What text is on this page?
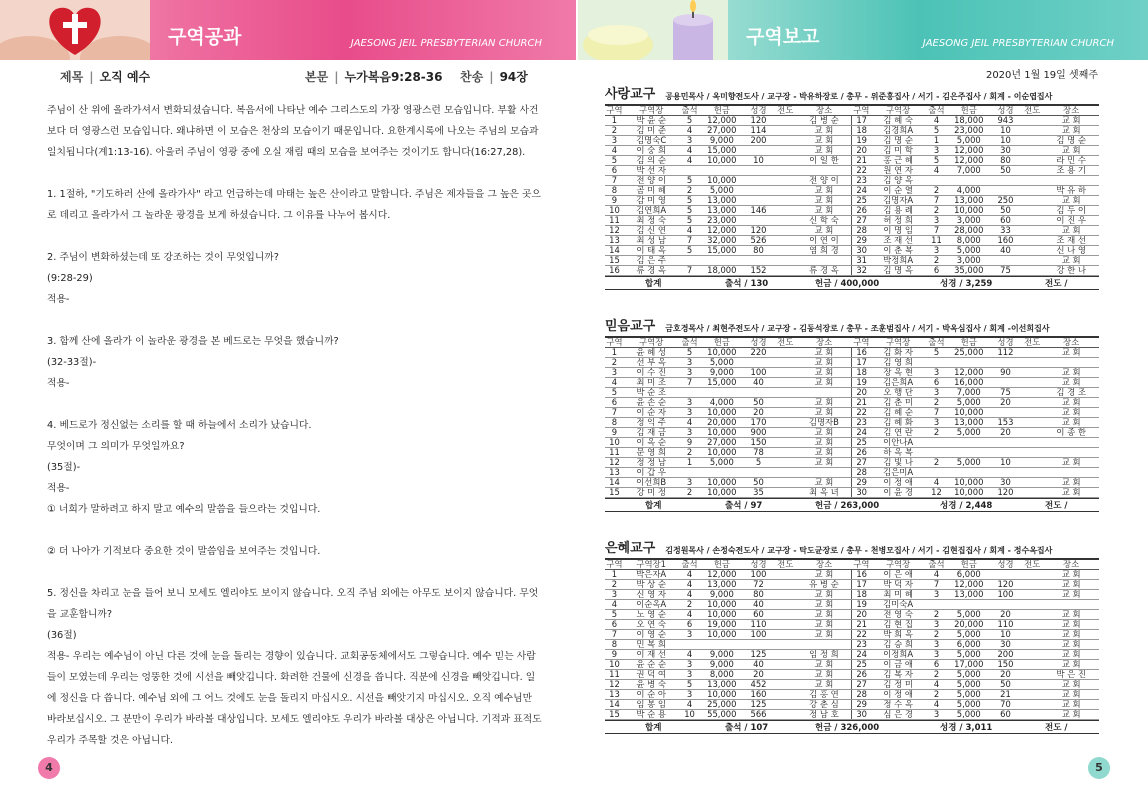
구역공과	JAESONG JEIL PRESBYTERIAN CHURCH
제목 | 오직 예수	본문 | 누가복음9:28-36 찬송 | 94장

주님이 산 위에 올라가셔서 변화되셨습니다. 복음서에 나타난 예수 그리스도의 가장 영광스런 모습입니다. 부활 사건보다 더 영광스런 모습입니다. 왜냐하면 이 모습은 천상의 모습이기 때문입니다. 요한계시록에 나오는 주님의 모습과 일치됩니다(계1:13-16). 아울러 주님이 영광 중에 오실 재림 때의 모습을 보여주는 것이기도 합니다(16:27,28).

1. 1절하, "기도하러 산에 올라가사" 라고 언급하는데 마태는 높은 산이라고 말합니다. 주님은 제자들을 그 높은 곳으로 데리고 올라가서 그 놀라운 광경을 보게 하셨습니다. 그 이유를 나누어 봅시다.

2. 주님이 변화하셨는데 또 강조하는 것이 무엇입니까?

(9:28-29)

적용-

3. 함께 산에 올라가 이 놀라운 광경을 본 베드로는 무엇을 했습니까?

(32-33절)-

적용-

4. 베드로가 정신없는 소리를 할 때 하늘에서 소리가 났습니다.

무엇이며 그 의미가 무엇일까요?

(35절)-

적용-

① 너희가 말하려고 하지 말고 예수의 말씀을 들으라는 것입니다.

② 더 나아가 기적보다 중요한 것이 말씀임을 보여주는 것입니다.

5. 정신을 차리고 눈을 들어 보니 모세도 엘리야도 보이지 않습니다. 오직 주님 외에는 아무도 보이지 않습니다. 무엇을 교훈합니까?

(36절)

적용- 우리는 예수님이 아닌 다른 것에 눈을 돌리는 경향이 있습니다. 교회공동체에서도 그렇습니다. 예수 믿는 사람들이 모였는데 우리는 엉뚱한 것에 시선을 빼앗깁니다. 화려한 건물에 신경을 씁니다. 직분에 신경을 빼앗깁니다. 일에 정신을 다 씁니다. 예수님 외에 그 어느 것에도 눈을 돌리지 마십시오. 시선을 빼앗기지 마십시오. 오직 예수님만 바라보십시오. 그 분만이 우리가 바라볼 대상입니다. 모세도 엘리야도 우리가 바라볼 대상은 아닙니다. 기적과 표적도 우리가 주목할 것은 아닙니다.

4
구역보고	JAESONG JEIL PRESBYTERIAN CHURCH
2020년 1월 19일 셋째주
사랑교구 공용민목사 / 옥미향전도사 / 교구장 - 박유하장로 / 총무 - 위준홍집사 / 서기 - 김은주집사 / 회계 - 이순엽집사
구역	구역장	출석	헌금	성경	전도	장소	구역	구역장	출석	헌금	성경	전도	장소
1	박 윤 순	5	12,000	120		김 병 순	17	김 혜 숙	4	18,000	943		교 회
2	김 미 준	4	27,000	114		교 회	18	김경희A	5	23,000	10		교 회
3	김명숙C	3	9,000	200		교 회	19	김 명 순	1	5,000	10		김 명 순
4	이 숭 희	4	15,000			교 회	20	김 미 학	3	12,000	30		교 회
5	김 의 순	4	10,000	10		이 일 한	21	홍 근 혜	5	12,000	80		라 민 수
6	박 선 자						22	원 연 자	4	7,000	50		조 용 기
7	전 양 이	5	10,000			전 양 이	23	김 양 옥					
8	곰 미 혜	2	5,000			교 회	24	이 순 열	2	4,000			박 유 하
9	감 미 영	5	13,000			교 회	25	김명자A	7	13,000	250		교 회
10	김연희A	5	13,000	146		교 회	26	김 용 례	2	10,000	50		김 두 이
11	최 정 숙	5	23,000			신 학 숙	27	허 정 희	3	3,000	60		이 진 우
12	김 신 연	4	12,000	120		교 회	28	이 명 임	7	28,000	33		교 회
13	최 성 남	7	32,000	526		이 연 이	29	조 재 선	11	8,000	160		조 재 선
14	이 태 옥	5	15,000	80		염 희 경	30	이 춘 복	3	5,000	40		신 나 영
15	김 은 주						31	박정희A	2	3,000			교 회
16	류 경 옥	7	18,000	152		류 경 옥	32	김 명 옥	6	35,000	75		강 한 나
합계	출석 / 130	헌금 / 400,000	성경 / 3,259	전도 /
믿음교구 금호경목사 / 최현주전도사 / 교구장 - 김동석장로 / 총무 - 조훈범집사 / 서기 - 박옥심집사 / 회계 -이선희집사
구역	구역장	출석	헌금	성경	전도	장소	구역	구역장	출석	헌금	성경	전도	장소
1	윤 혜 성	5	10,000	220		교 회	16	김 화 자	5	25,000	112		교 회
2	선 부 옥	3	5,000			교 회	17	김 영 희					
3	이 수 진	3	9,000	100		교 회	18	장 옥 현	3	12,000	90		교 회
4	최 미 조	7	15,000	40		교 회	19	김은희A	6	16,000			교 회
5	박 순 조						20	오 행 단	3	7,000	75		김 경 조
6	윤 손 순	3	4,000	50		교 회	21	김 춘 미	2	5,000	20		교 회
7	이 순 자	3	10,000	20		교 회	22	김 혜 순	7	10,000			교 회
8	정 익 주	4	20,000	170		김명자B	23	김 혜 화	3	13,000	153		교 회
9	김 재 금	3	10,000	900		교 회	24	김 연 란	2	5,000	20		이 종 한
10	이 옥 순	9	27,000	150		교 회	25	이안나A					
11	문 영 희	2	10,000	78		교 회	26	하 옥 복					
12	정 정 남	1	5,000	5		교 회	27	김 빛 나	2	5,000	10		교 회
13	이 갑 우						28	김은미A					
14	이선희B	3	10,000	50		교 회	29	이 정 애	4	10,000	30		교 회
15	강 미 정	2	10,000	35		최 옥 녀	30	이 윤 경	12	10,000	120		교 회
합계	출석 / 97	헌금 / 263,000	성경 / 2,448	전도 /
은혜교구 김정원목사 / 손정숙전도사 / 교구장 - 탁도균장로 / 총무 - 천병모집사 / 서기 - 김현집집사 / 회계 - 정수옥집사
구역	구역장1	출석	헌금	성경	전도	장소	구역	구역장	출석	헌금	성경	전도	장소
1	박은자A	4	12,000	100		교 회	16	이 은 애	4	6,000			교 회
2	박 상 순	4	13,000	72		유 병 순	17	박 덕 자	7	12,000	120		교 회
3	신 영 자	4	9,000	80		교 회	18	최 미 혜	3	13,000	100		교 회
4	이순옥A	2	10,000	40		교 회	19	김미숙A					
5	노 영 순	4	10,000	60		교 회	20	전 영 숙	2	5,000	20		교 회
6	오 연 숙	6	19,000	110		교 회	21	김 현 집	3	20,000	110		교 회
7	이 영 순	3	10,000	100		교 회	22	박 희 옥	2	5,000	10		교 회
8	민 복 희						23	김 승 희	3	6,000	30		교 회
9	이 재 선	4	9,000	125		임 정 희	24	이정희A	3	5,000	200		교 회
10	윤 순 순	3	9,000	40		교 회	25	이 금 애	6	17,000	150		교 회
11	권 덕 여	3	8,000	20		교 회	26	김 복 자	2	5,000	20		박 은 진
12	윤 병 숙	5	13,000	452		교 회	27	김 정 미	4	5,000	50		교 회
13	이 순 아	3	10,000	160		김 홍 연	28	이 정 애	2	5,000	21		교 회
14	임 봉 임	4	25,000	125		강 춘 심	29	정 수 옥	4	5,000	70		교 회
15	박 순 용	10	55,000	566		정 남 호	30	심 은 경	3	5,000	60		교 회
합계	출석 / 107	헌금 / 326,000	성경 / 3,011	전도 /
5
